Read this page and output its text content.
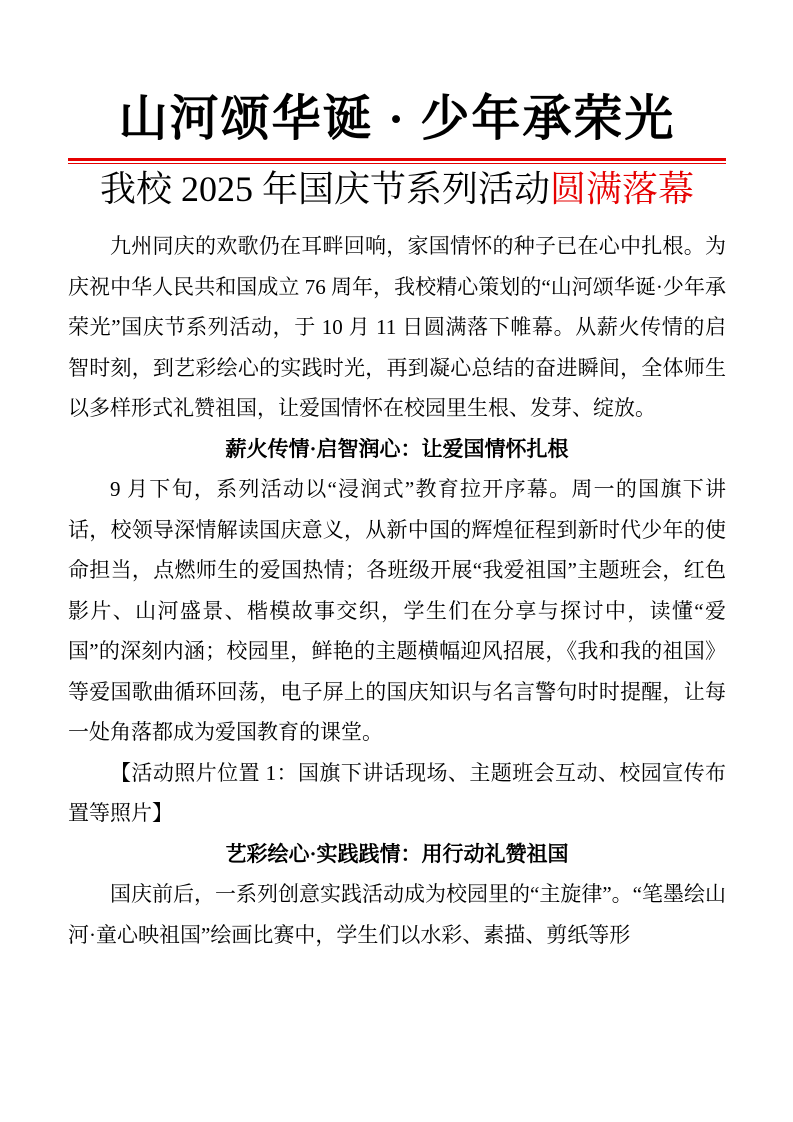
山河颂华诞 · 少年承荣光
我校 2025 年国庆节系列活动圆满落幕

九州同庆的欢歌仍在耳畔回响，家国情怀的种子已在心中扎根。为庆祝中华人民共和国成立 76 周年，我校精心策划的“山河颂华诞·少年承荣光”国庆节系列活动，于 10 月 11 日圆满落下帷幕。从薪火传情的启智时刻，到艺彩绘心的实践时光，再到凝心总结的奋进瞬间，全体师生以多样形式礼赞祖国，让爱国情怀在校园里生根、发芽、绽放。

薪火传情·启智润心：让爱国情怀扎根

9 月下旬，系列活动以“浸润式”教育拉开序幕。周一的国旗下讲话，校领导深情解读国庆意义，从新中国的辉煌征程到新时代少年的使命担当，点燃师生的爱国热情；各班级开展“我爱祖国”主题班会，红色影片、山河盛景、楷模故事交织，学生们在分享与探讨中，读懂“爱国”的深刻内涵；校园里，鲜艳的主题横幅迎风招展，《我和我的祖国》等爱国歌曲循环回荡，电子屏上的国庆知识与名言警句时时提醒，让每一处角落都成为爱国教育的课堂。

【活动照片位置 1：国旗下讲话现场、主题班会互动、校园宣传布置等照片】

艺彩绘心·实践践情：用行动礼赞祖国

国庆前后，一系列创意实践活动成为校园里的“主旋律”。“笔墨绘山河·童心映祖国”绘画比赛中，学生们以水彩、素描、剪纸等形
